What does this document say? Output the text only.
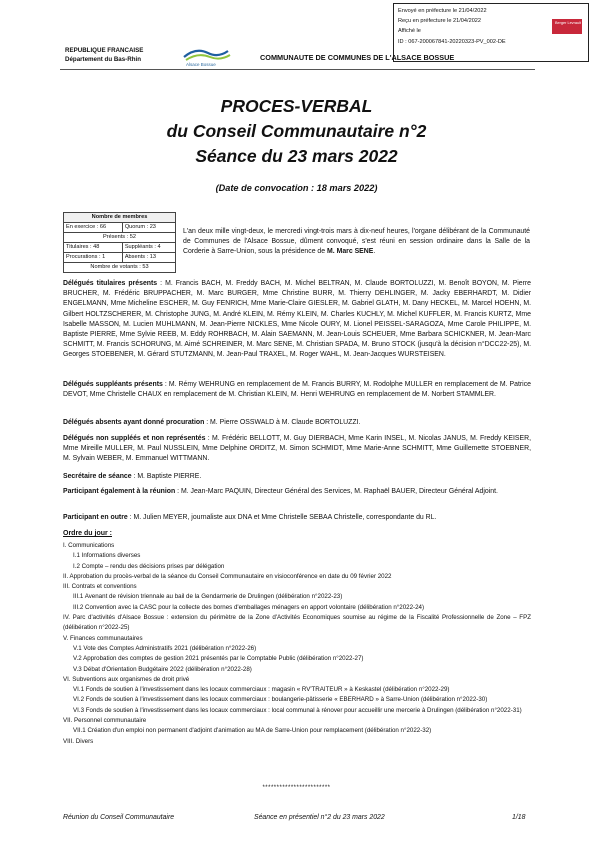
Envoyé en préfecture le 21/04/2022
Reçu en préfecture le 21/04/2022
Affiché le
ID : 067-200067841-20220323-PV_002-DE
Berger Levrault
REPUBLIQUE FRANCAISE
Département du Bas-Rhin
Alsace Bossue
COMMUNAUTE DE COMMUNES DE L'ALSACE BOSSUE
PROCES-VERBAL
du Conseil Communautaire n°2
Séance du 23 mars 2022
(Date de convocation : 18 mars 2022)
Nombre de membres	
En exercice : 66	Quorum : 23
Présents : 52	
Titulaires : 48	Suppléants : 4
Procurations : 1	Absents : 13
Nombre de votants : 53	
L'an deux mille vingt-deux, le mercredi vingt-trois mars à dix-neuf heures, l'organe délibérant de la Communauté de Communes de l'Alsace Bossue, dûment convoqué, s'est réuni en session ordinaire dans la Salle de la Corderie à Sarre-Union, sous la présidence de M. Marc SENE.
Délégués titulaires présents : M. Francis BACH, M. Freddy BACH, M. Michel BELTRAN, M. Claude BORTOLUZZI, M. Benoît BOYON, M. Pierre BRUCHER, M. Frédéric BRUPPACHER, M. Marc BURGER, Mme Christine BURR, M. Thierry DEHLINGER, M. Jacky EBERHARDT, M. Didier ENGELMANN, Mme Micheline ESCHER, M. Guy FENRICH, Mme Marie-Claire GIESLER, M. Gabriel GLATH, M. Dany HECKEL, M. Marcel HOEHN, M. Gilbert HOLTZSCHERER, M. Christophe JUNG, M. André KLEIN, M. Rémy KLEIN, M. Charles KUCHLY, M. Michel KUFFLER, M. Francis KURTZ, Mme Isabelle MASSON, M. Lucien MUHLMANN, M. Jean-Pierre NICKLES, Mme Nicole OURY, M. Lionel PEISSEL-SARAGOZA, Mme Carole PHILIPPE, M. Baptiste PIERRE, Mme Sylvie REEB, M. Eddy ROHRBACH, M. Alain SAEMANN, M. Jean-Louis SCHEUER, Mme Barbara SCHICKNER, M. Jean-Marc SCHMITT, M. Francis SCHORUNG, M. Aimé SCHREINER, M. Marc SENE, M. Christian SPADA, M. Bruno STOCK (jusqu'à la décision n°DCC22-25), M. Georges STOEBENER, M. Gérard STUTZMANN, M. Jean-Paul TRAXEL, M. Roger WAHL, M. Jean-Jacques WURSTEISEN.
Délégués suppléants présents : M. Rémy WEHRUNG en remplacement de M. Francis BURRY, M. Rodolphe MULLER en remplacement de M. Patrice DEVOT, Mme Christelle CHAUX en remplacement de M. Christian KLEIN, M. Henri WEHRUNG en remplacement de M. Norbert STAMMLER.
Délégués absents ayant donné procuration : M. Pierre OSSWALD à M. Claude BORTOLUZZI.
Délégués non suppléés et non représentés : M. Frédéric BELLOTT, M. Guy DIERBACH, Mme Karin INSEL, M. Nicolas JANUS, M. Freddy KEISER, Mme Mireille MULLER, M. Paul NUSSLEIN, Mme Delphine ORDITZ, M. Simon SCHMIDT, Mme Marie-Anne SCHMITT, Mme Guillemette STOEBNER, M. Sylvain WEBER, M. Emmanuel WITTMANN.
Secrétaire de séance : M. Baptiste PIERRE.
Participant également à la réunion : M. Jean-Marc PAQUIN, Directeur Général des Services, M. Raphaël BAUER, Directeur Général Adjoint.
Participant en outre : M. Julien MEYER, journaliste aux DNA et Mme Christelle SEBAA Christelle, correspondante du RL.
Ordre du jour :
I. Communications
I.1 Informations diverses
I.2 Compte – rendu des décisions prises par délégation
II. Approbation du procès-verbal de la séance du Conseil Communautaire en visioconférence en date du 09 février 2022
III. Contrats et conventions
III.1 Avenant de révision triennale au bail de la Gendarmerie de Drulingen (délibération n°2022-23)
III.2 Convention avec la CASC pour la collecte des bornes d'emballages ménagers en apport volontaire (délibération n°2022-24)
IV. Parc d'activités d'Alsace Bossue : extension du périmètre de la Zone d'Activités Economiques soumise au régime de la Fiscalité Professionnelle de Zone – FPZ (délibération n°2022-25)
V. Finances communautaires
V.1 Vote des Comptes Administratifs 2021 (délibération n°2022-26)
V.2 Approbation des comptes de gestion 2021 présentés par le Comptable Public (délibération n°2022-27)
V.3 Débat d'Orientation Budgétaire 2022 (délibération n°2022-28)
VI. Subventions aux organismes de droit privé
VI.1 Fonds de soutien à l'investissement dans les locaux commerciaux : magasin « RV'TRAITEUR » à Keskastel (délibération n°2022-29)
VI.2 Fonds de soutien à l'investissement dans les locaux commerciaux : boulangerie-pâtisserie « EBERHARD » à Sarre-Union (délibération n°2022-30)
VI.3 Fonds de soutien à l'investissement dans les locaux commerciaux : local communal à rénover pour accueillir une mercerie à Drulingen (délibération n°2022-31)
VII. Personnel communautaire
VII.1 Création d'un emploi non permanent d'adjoint d'animation au MA de Sarre-Union pour remplacement (délibération n°2022-32)
VIII. Divers
************************
Réunion du Conseil Communautaire	Séance en présentiel n°2 du 23 mars 2022	1/18
